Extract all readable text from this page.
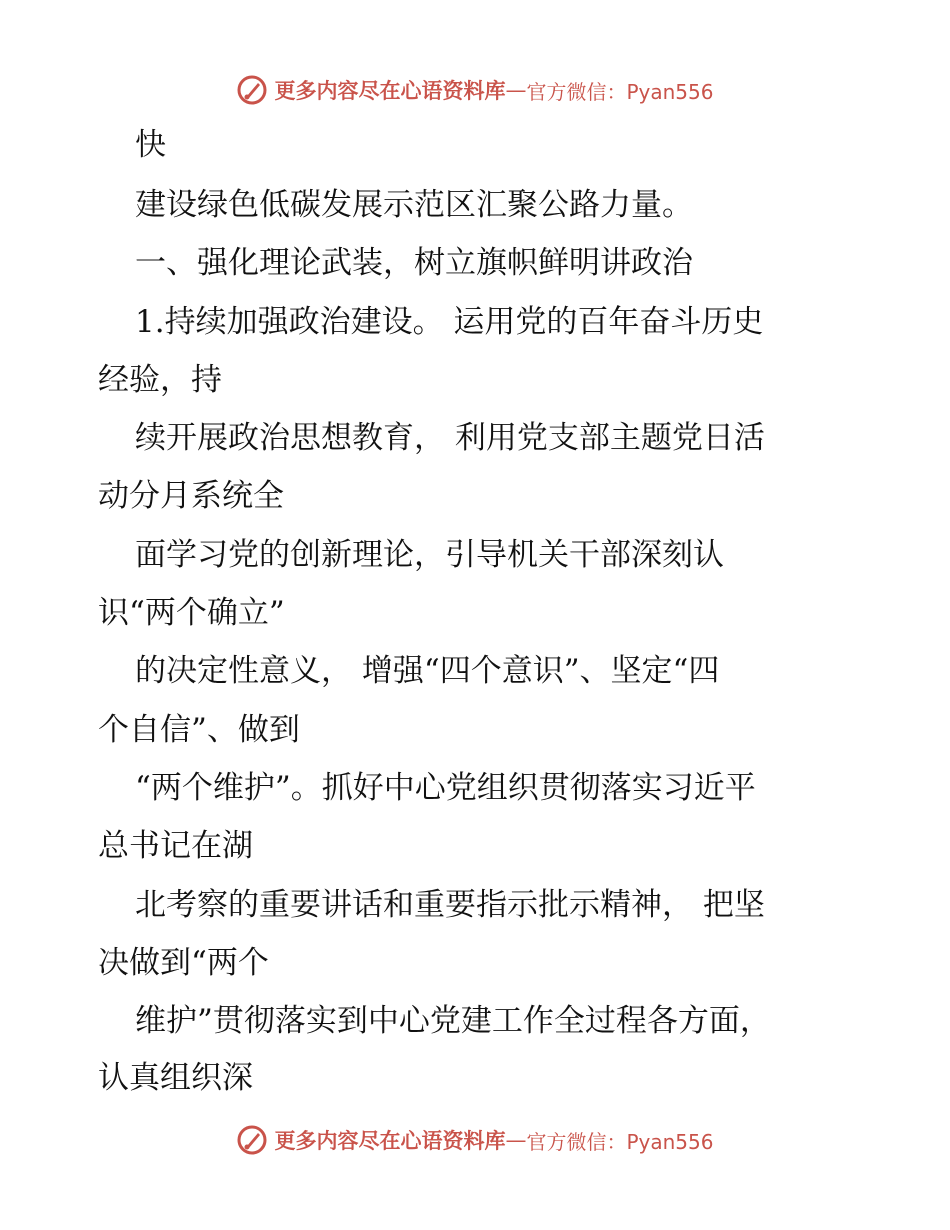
更多内容尽在心语资料库 — 官方微信：Pyan556

快

建设绿色低碳发展示范区汇聚公路力量。

一、强化理论武装，树立旗帜鲜明讲政治

1.持续加强政治建设。 运用党的百年奋斗历史

经验，持

续开展政治思想教育， 利用党支部主题党日活

动分月系统全

面学习党的创新理论，引导机关干部深刻认

识“两个确立”

的决定性意义， 增强“四个意识”、坚定“四

个自信”、做到

“两个维护”。抓好中心党组织贯彻落实习近平

总书记在湖

北考察的重要讲话和重要指示批示精神， 把坚

决做到“两个

维护”贯彻落实到中心党建工作全过程各方面，

认真组织深

更多内容尽在心语资料库 — 官方微信：Pyan556
